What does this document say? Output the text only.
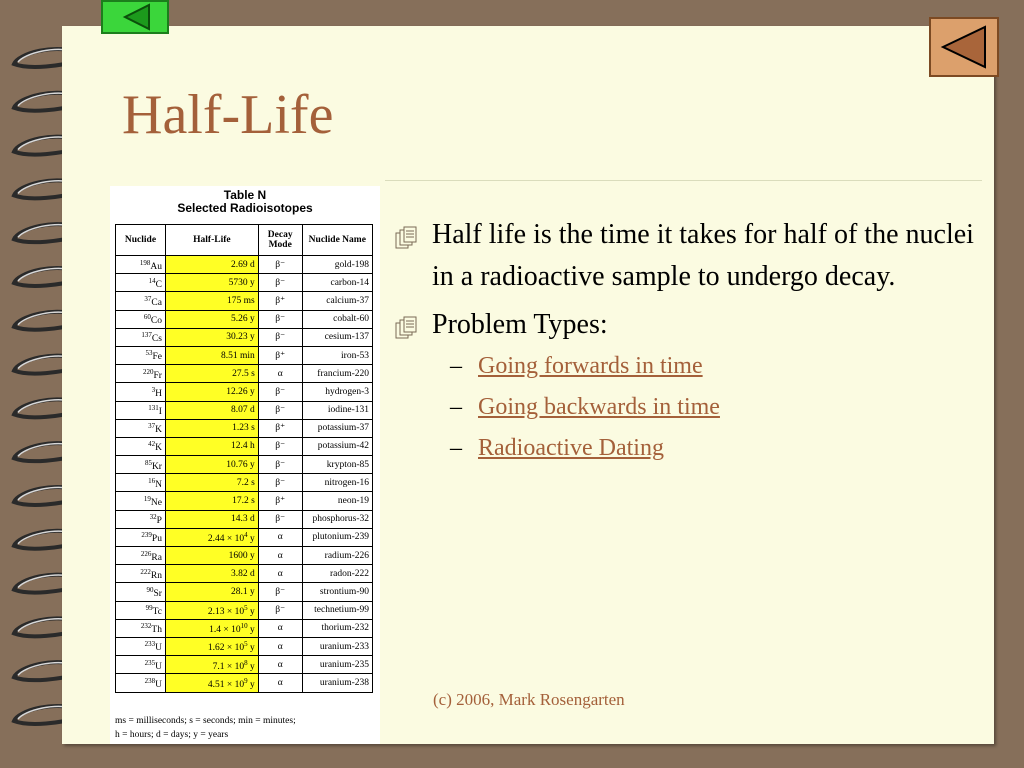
Half-Life
Table N
Selected Radioisotopes
Nuclide	Half-Life	Decay Mode	Nuclide Name
$^{198}$Au	2.69 d	β⁻	gold-198
$^{14}$C	5730 y	β⁻	carbon-14
$^{37}$Ca	175 ms	β⁺	calcium-37
$^{60}$Co	5.26 y	β⁻	cobalt-60
$^{137}$Cs	30.23 y	β⁻	cesium-137
$^{53}$Fe	8.51 min	β⁺	iron-53
$^{220}$Fr	27.5 s	α	francium-220
$^3$H	12.26 y	β⁻	hydrogen-3
$^{131}$I	8.07 d	β⁻	iodine-131
$^{37}$K	1.23 s	β⁺	potassium-37
$^{42}$K	12.4 h	β⁻	potassium-42
$^{85}$Kr	10.76 y	β⁻	krypton-85
$^{16}$N	7.2 s	β⁻	nitrogen-16
$^{19}$Ne	17.2 s	β⁺	neon-19
$^{32}$P	14.3 d	β⁻	phosphorus-32
$^{239}$Pu	$2.44 \times 10^4$ y	α	plutonium-239
$^{226}$Ra	1600 y	α	radium-226
$^{222}$Rn	3.82 d	α	radon-222
$^{90}$Sr	28.1 y	β⁻	strontium-90
$^{99}$Tc	$2.13 \times 10^5$ y	β⁻	technetium-99
$^{232}$Th	$1.4 \times 10^{10}$ y	α	thorium-232
$^{233}$U	$1.62 \times 10^5$ y	α	uranium-233
$^{235}$U	$7.1 \times 10^8$ y	α	uranium-235
$^{238}$U	$4.51 \times 10^9$ y	α	uranium-238
ms = milliseconds; s = seconds; min = minutes;
h = hours; d = days; y = years
Half life is the time it takes for half of the nuclei in a radioactive sample to undergo decay.
Problem Types:
– Going forwards in time
– Going backwards in time
– Radioactive Dating
(c) 2006, Mark Rosengarten
